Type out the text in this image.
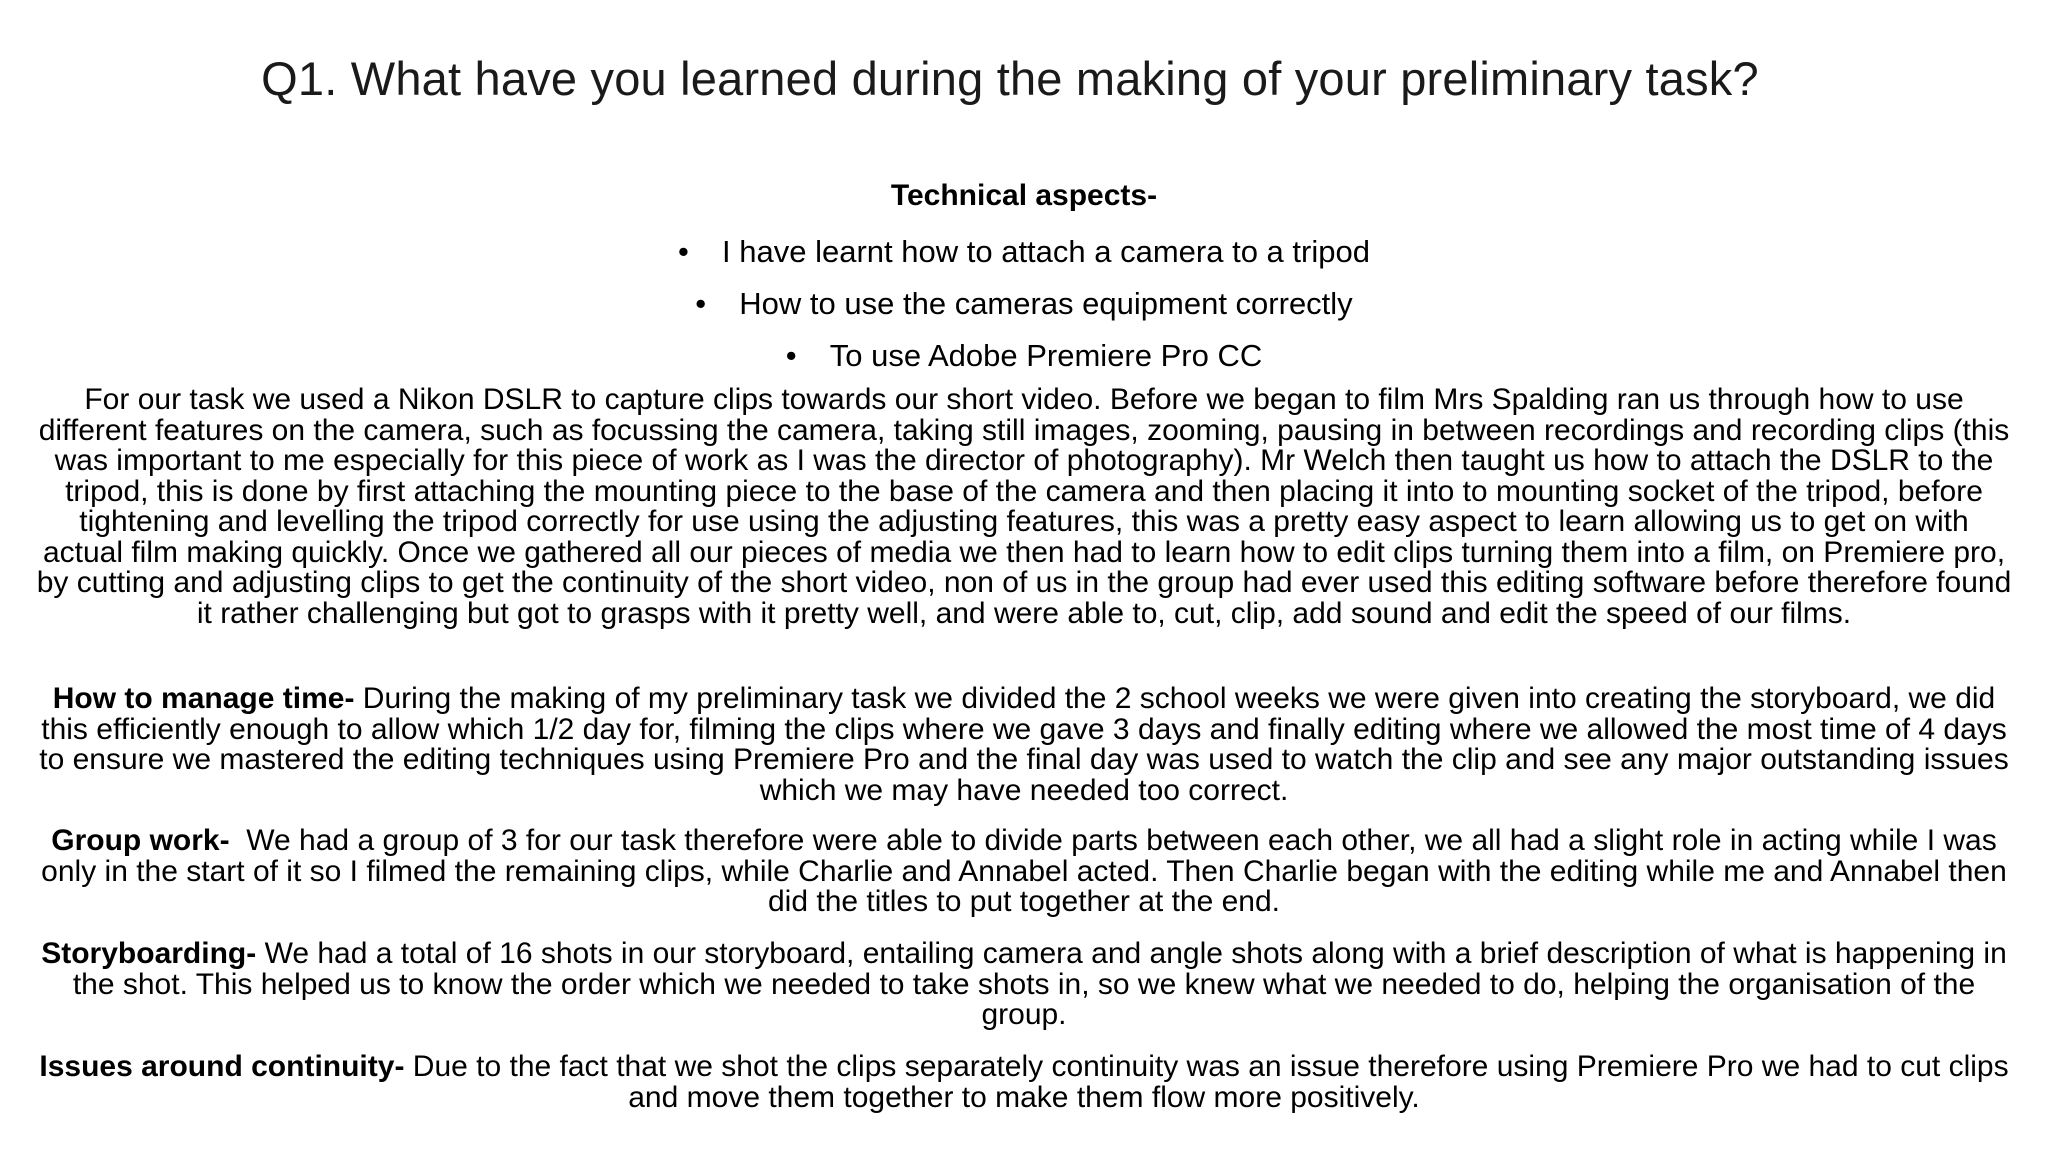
Q1. What have you learned during the making of your preliminary task?
Technical aspects-
• I have learnt how to attach a camera to a tripod
• How to use the cameras equipment correctly
• To use Adobe Premiere Pro CC
For our task we used a Nikon DSLR to capture clips towards our short video. Before we began to film Mrs Spalding ran us through how to use different features on the camera, such as focussing the camera, taking still images, zooming, pausing in between recordings and recording clips (this was important to me especially for this piece of work as I was the director of photography). Mr Welch then taught us how to attach the DSLR to the tripod, this is done by first attaching the mounting piece to the base of the camera and then placing it into to mounting socket of the tripod, before tightening and levelling the tripod correctly for use using the adjusting features, this was a pretty easy aspect to learn allowing us to get on with actual film making quickly. Once we gathered all our pieces of media we then had to learn how to edit clips turning them into a film, on Premiere pro, by cutting and adjusting clips to get the continuity of the short video, non of us in the group had ever used this editing software before therefore found it rather challenging but got to grasps with it pretty well, and were able to, cut, clip, add sound and edit the speed of our films.
How to manage time- During the making of my preliminary task we divided the 2 school weeks we were given into creating the storyboard, we did this efficiently enough to allow which 1/2 day for, filming the clips where we gave 3 days and finally editing where we allowed the most time of 4 days to ensure we mastered the editing techniques using Premiere Pro and the final day was used to watch the clip and see any major outstanding issues which we may have needed too correct.
Group work-  We had a group of 3 for our task therefore were able to divide parts between each other, we all had a slight role in acting while I was only in the start of it so I filmed the remaining clips, while Charlie and Annabel acted. Then Charlie began with the editing while me and Annabel then did the titles to put together at the end.
Storyboarding- We had a total of 16 shots in our storyboard, entailing camera and angle shots along with a brief description of what is happening in the shot. This helped us to know the order which we needed to take shots in, so we knew what we needed to do, helping the organisation of the group.
Issues around continuity- Due to the fact that we shot the clips separately continuity was an issue therefore using Premiere Pro we had to cut clips and move them together to make them flow more positively.
